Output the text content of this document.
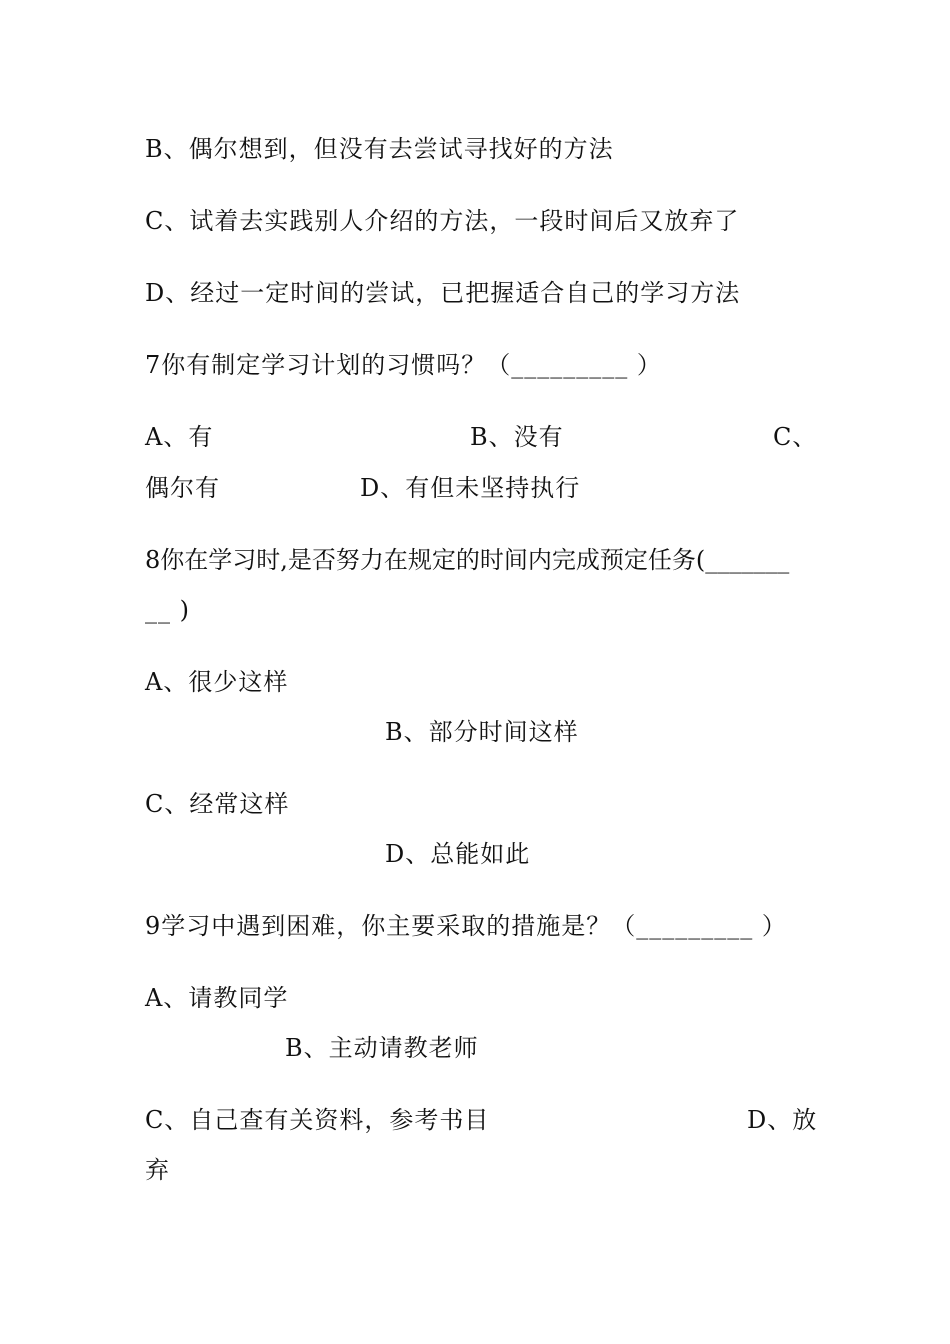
B、偶尔想到，但没有去尝试寻找好的方法
C、试着去实践别人介绍的方法，一段时间后又放弃了
D、经过一定时间的尝试，已把握适合自己的学习方法
7你有制定学习计划的习惯吗？（_________ ）
A、有	B、没有	C、
偶尔有	D、有但未坚持执行
8你在学习时,是否努力在规定的时间内完成预定任务(_______
__ )
A、很少这样
B、部分时间这样
C、经常这样
D、总能如此
9学习中遇到困难，你主要采取的措施是？（_________ ）
A、请教同学
B、主动请教老师
C、自己查有关资料，参考书目	D、放
弃
